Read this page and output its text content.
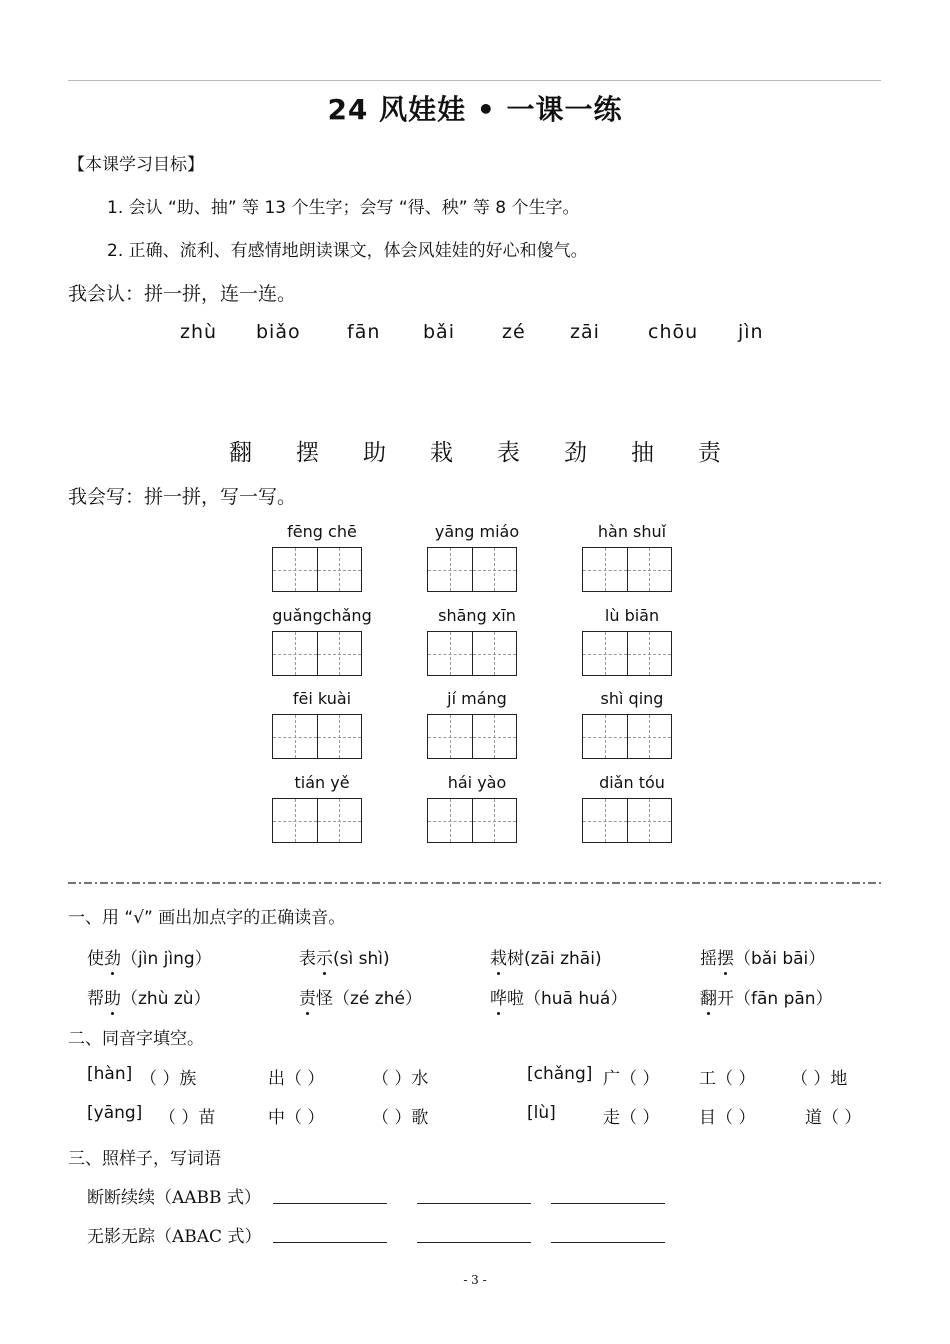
24 风娃娃 • 一课一练
【本课学习目标】
1. 会认 “助、抽” 等 13 个生字；会写 “得、秧” 等 8 个生字。
2. 正确、流利、有感情地朗读课文，体会风娃娃的好心和傻气。
我会认：拼一拼，连一连。
zhù biǎo fān bǎi zé zāi	chōu jìn
翻 摆 助 栽 表 劲 抽 责
我会写：拼一拼，写一写。
fēng chē	yāng miáo	hàn shuǐ
guǎngchǎng	shāng xīn	lù biān
fēi kuài	jí máng	shì qing
tián yě	hái yào	diǎn tóu
一、用 “√” 画出加点字的正确读音。
使劲（jìn jìng）	表示(sì shì)	栽树(zāi zhāi)	摇摆（bǎi bāi）
帮助（zhù zù）	责怪（zé zhé）	哗啦（huā huá）	翻开（fān pān）
二、同音字填空。
[hàn] （ ）族	出（ ）	（ ）水	[chǎng] 广（ ） 工（ ） （ ）地
[yāng] （ ）苗	中（ ）	（ ）歌	[lù]	走（ ） 目（ ）	道（ ）
三、照样子，写词语
断断续续（AABB 式）
无影无踪（ABAC 式）
- 3 -
